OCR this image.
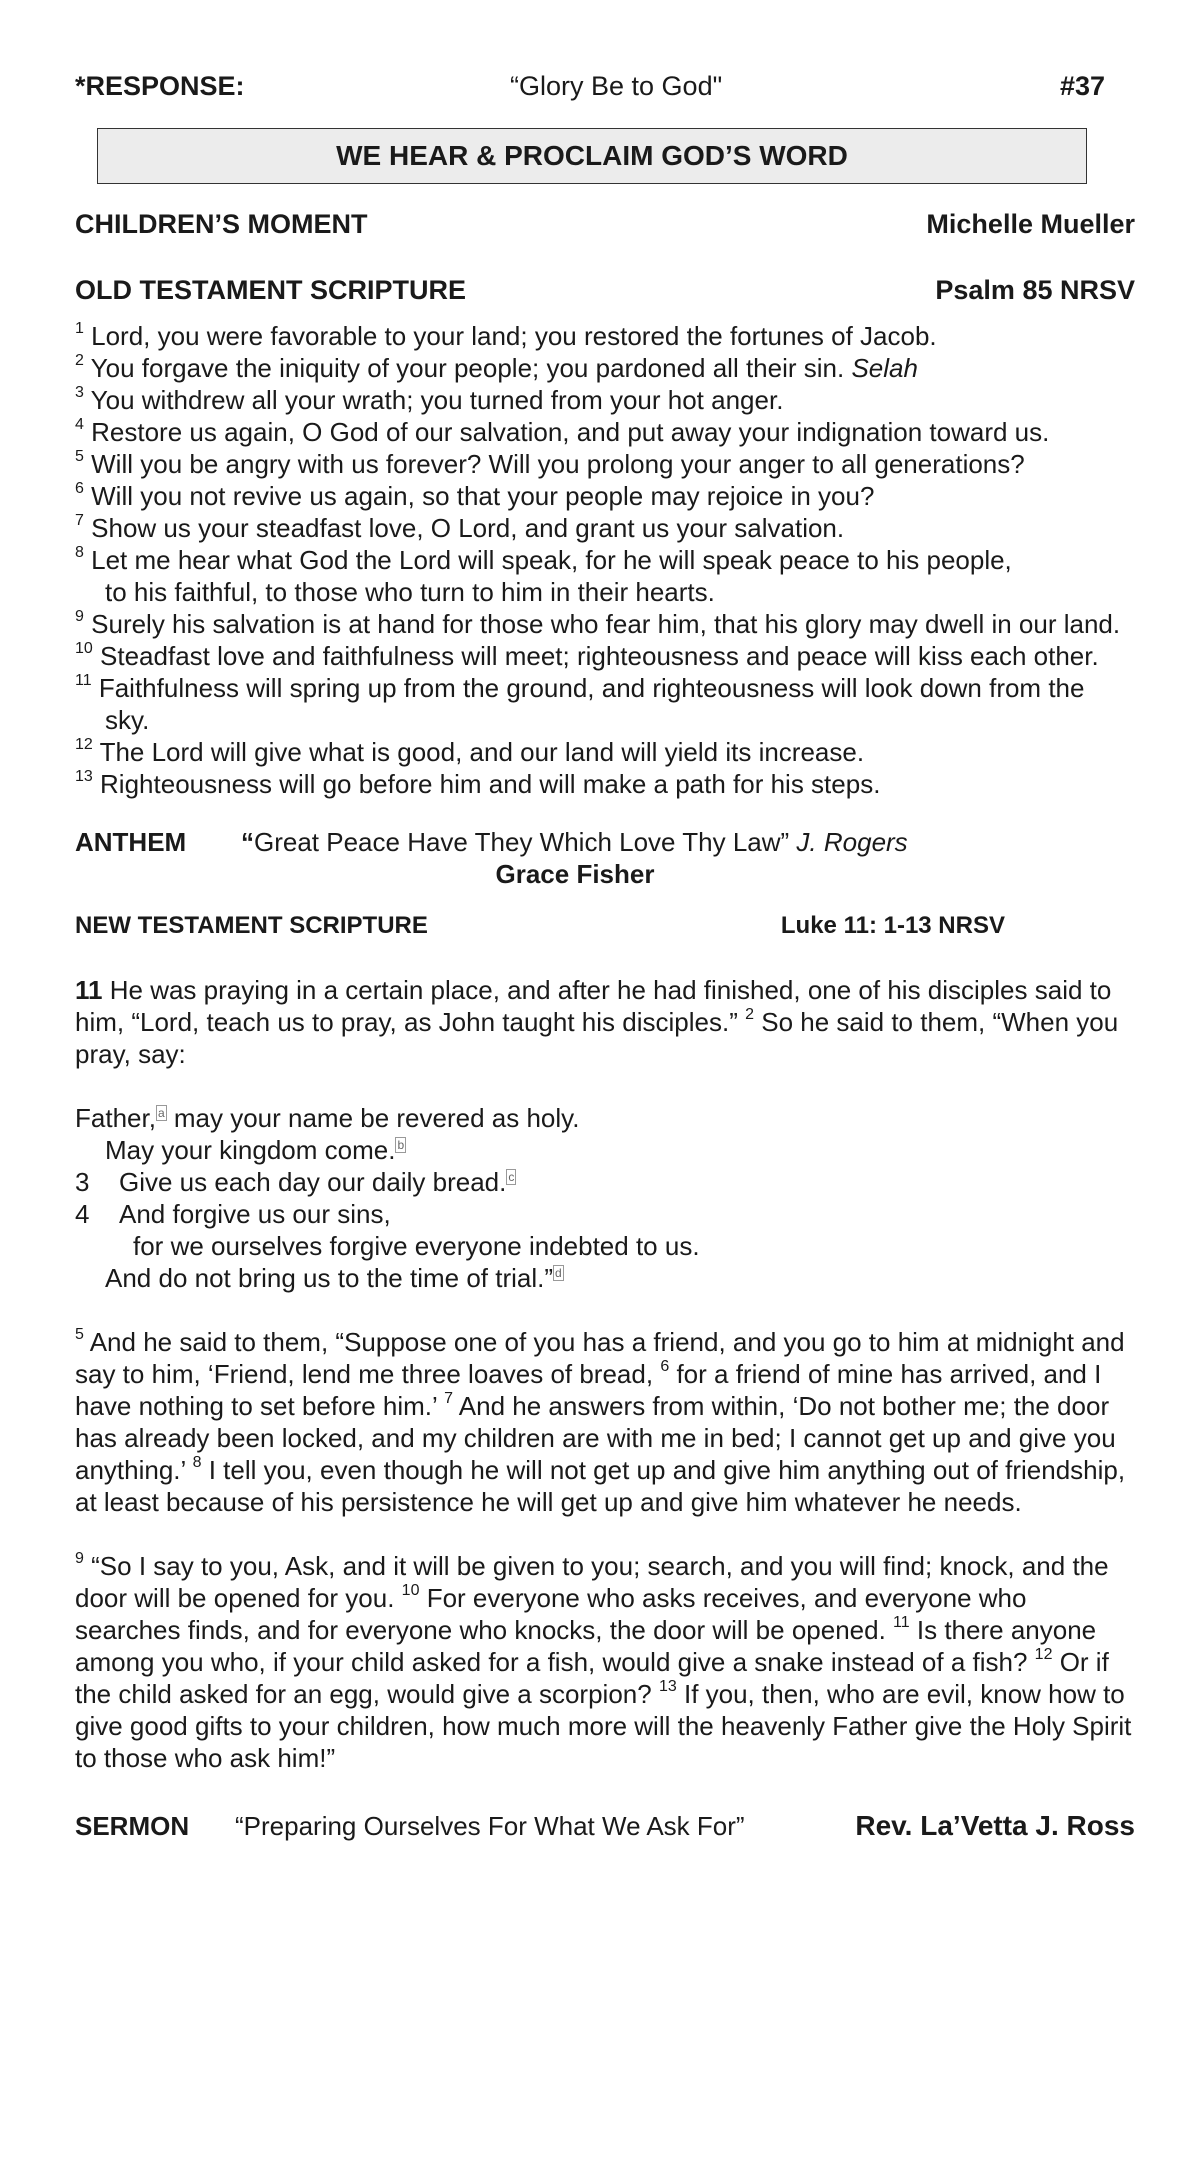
*RESPONSE:	“Glory Be to God"	#37
WE HEAR & PROCLAIM GOD’S WORD
CHILDREN’S MOMENT	Michelle Mueller
OLD TESTAMENT SCRIPTURE	Psalm 85 NRSV

$^1$ Lord, you were favorable to your land; you restored the fortunes of Jacob.

$^2$ You forgave the iniquity of your people; you pardoned all their sin. Selah

$^3$ You withdrew all your wrath; you turned from your hot anger.

$^4$ Restore us again, O God of our salvation, and put away your indignation toward us.

$^5$ Will you be angry with us forever? Will you prolong your anger to all generations?

$^6$ Will you not revive us again, so that your people may rejoice in you?

$^7$ Show us your steadfast love, O Lord, and grant us your salvation.

$^8$ Let me hear what God the Lord will speak, for he will speak peace to his people,

to his faithful, to those who turn to him in their hearts.

$^9$ Surely his salvation is at hand for those who fear him, that his glory may dwell in our land.

$^{10}$ Steadfast love and faithfulness will meet; righteousness and peace will kiss each other.

$^{11}$ Faithfulness will spring up from the ground, and righteousness will look down from the

sky.

$^{12}$ The Lord will give what is good, and our land will yield its increase.

$^{13}$ Righteousness will go before him and will make a path for his steps.

ANTHEM “Great Peace Have They Which Love Thy Law” J. Rogers
Grace Fisher
NEW TESTAMENT SCRIPTURE	Luke 11: 1-13 NRSV

11 He was praying in a certain place, and after he had finished, one of his disciples said to him, “Lord, teach us to pray, as John taught his disciples.” $^2$ So he said to them, “When you pray, say:

Father, $^a$ may your name be revered as holy.

May your kingdom come. $^b$

3 Give us each day our daily bread. $^c$

4 And forgive us our sins,

for we ourselves forgive everyone indebted to us.

And do not bring us to the time of trial.” $^d$

$^5$ And he said to them, “Suppose one of you has a friend, and you go to him at midnight and say to him, ‘Friend, lend me three loaves of bread, $^6$ for a friend of mine has arrived, and I have nothing to set before him.’ $^7$ And he answers from within, ‘Do not bother me; the door has already been locked, and my children are with me in bed; I cannot get up and give you anything.’ $^8$ I tell you, even though he will not get up and give him anything out of friendship, at least because of his persistence he will get up and give him whatever he needs.

$^9$ “So I say to you, Ask, and it will be given to you; search, and you will find; knock, and the door will be opened for you. $^{10}$ For everyone who asks receives, and everyone who searches finds, and for everyone who knocks, the door will be opened. $^{11}$ Is there anyone among you who, if your child asked for a fish, would give a snake instead of a fish? $^{12}$ Or if the child asked for an egg, would give a scorpion? $^{13}$ If you, then, who are evil, know how to give good gifts to your children, how much more will the heavenly Father give the Holy Spirit to those who ask him!”

SERMON	“Preparing Ourselves For What We Ask For”	Rev. La’Vetta J. Ross
